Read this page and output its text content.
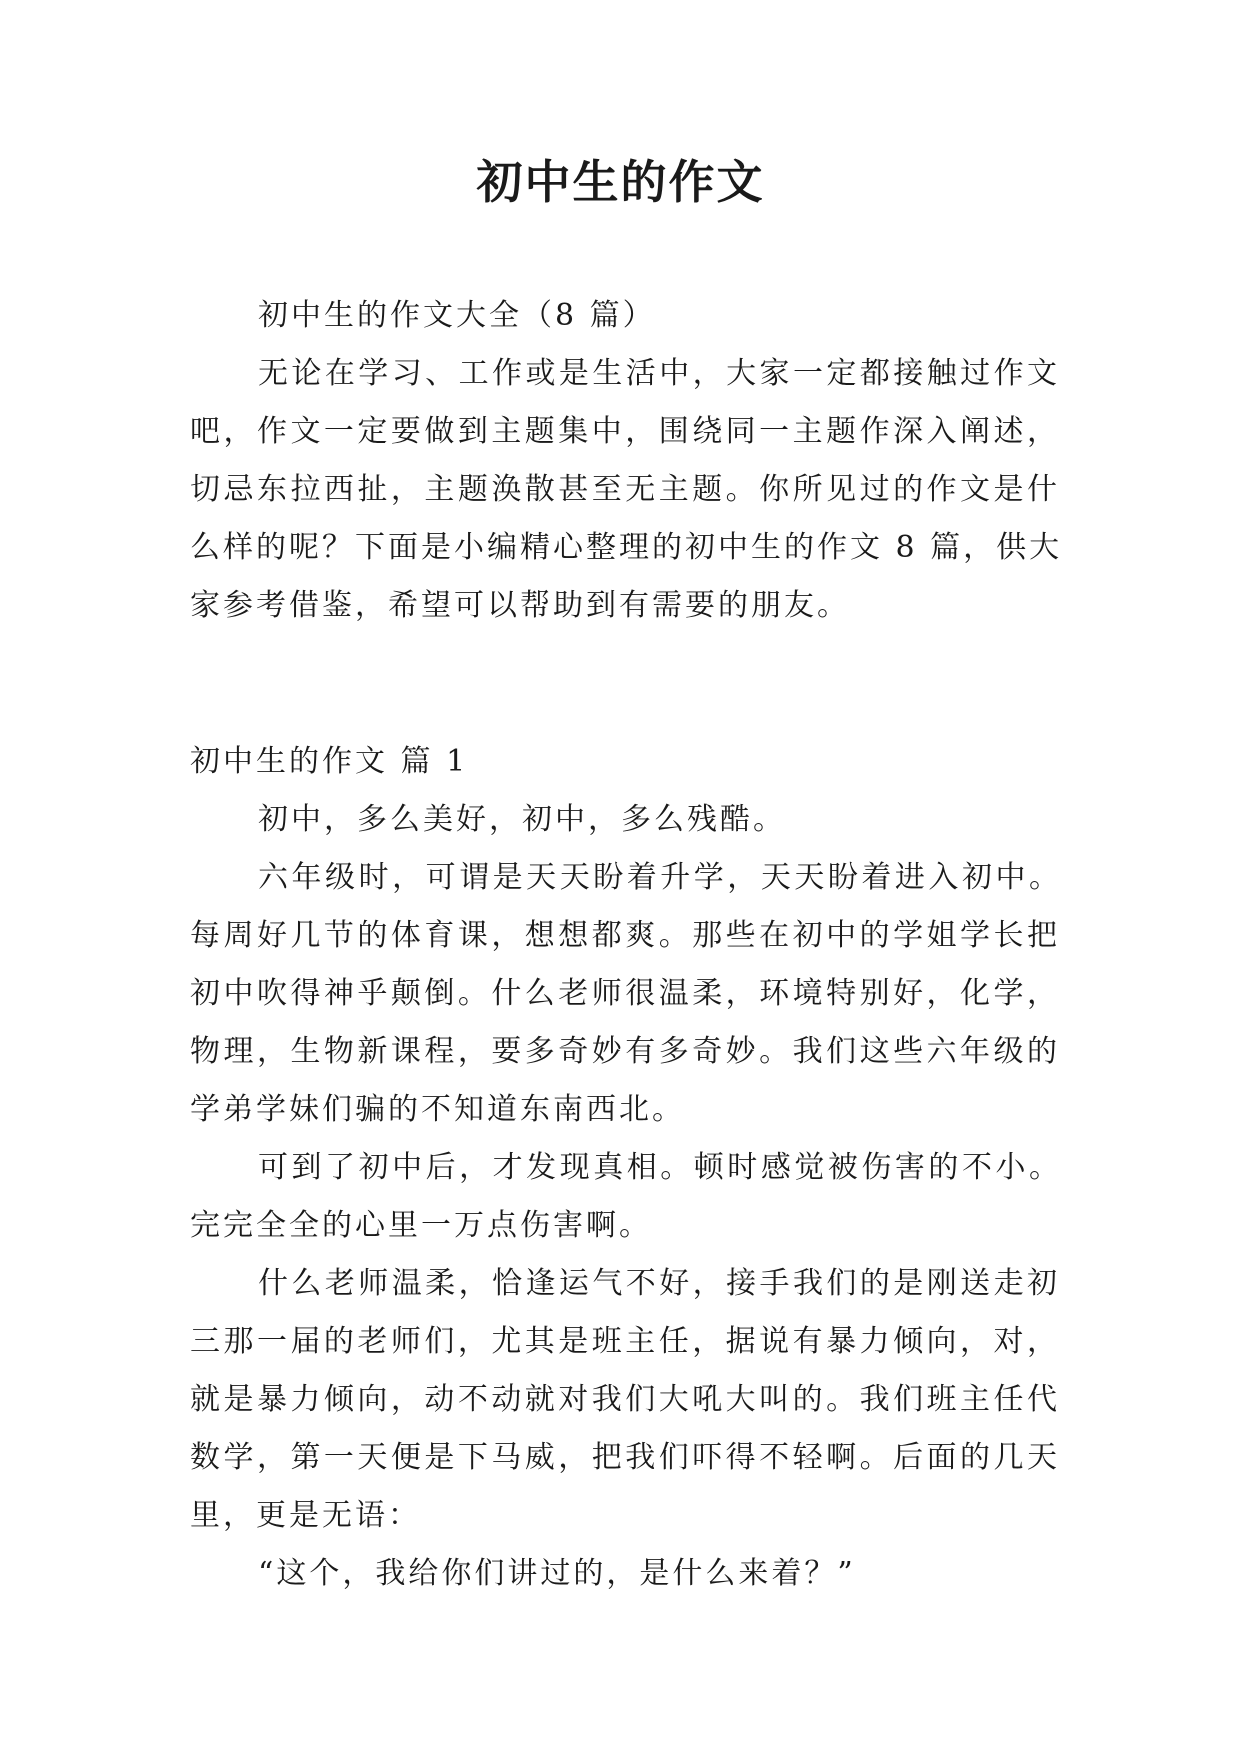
初中生的作文
初中生的作文大全（8 篇）
无论在学习、工作或是生活中，大家一定都接触过作文
吧，作文一定要做到主题集中，围绕同一主题作深入阐述，
切忌东拉西扯，主题涣散甚至无主题。你所见过的作文是什
么样的呢？下面是小编精心整理的初中生的作文 8 篇，供大
家参考借鉴，希望可以帮助到有需要的朋友。
初中生的作文 篇 1
初中，多么美好，初中，多么残酷。
六年级时，可谓是天天盼着升学，天天盼着进入初中。
每周好几节的体育课，想想都爽。那些在初中的学姐学长把
初中吹得神乎颠倒。什么老师很温柔，环境特别好，化学，
物理，生物新课程，要多奇妙有多奇妙。我们这些六年级的
学弟学妹们骗的不知道东南西北。
可到了初中后，才发现真相。顿时感觉被伤害的不小。
完完全全的心里一万点伤害啊。
什么老师温柔，恰逢运气不好，接手我们的是刚送走初
三那一届的老师们，尤其是班主任，据说有暴力倾向，对，
就是暴力倾向，动不动就对我们大吼大叫的。我们班主任代
数学，第一天便是下马威，把我们吓得不轻啊。后面的几天
里，更是无语：
“这个，我给你们讲过的，是什么来着？”
